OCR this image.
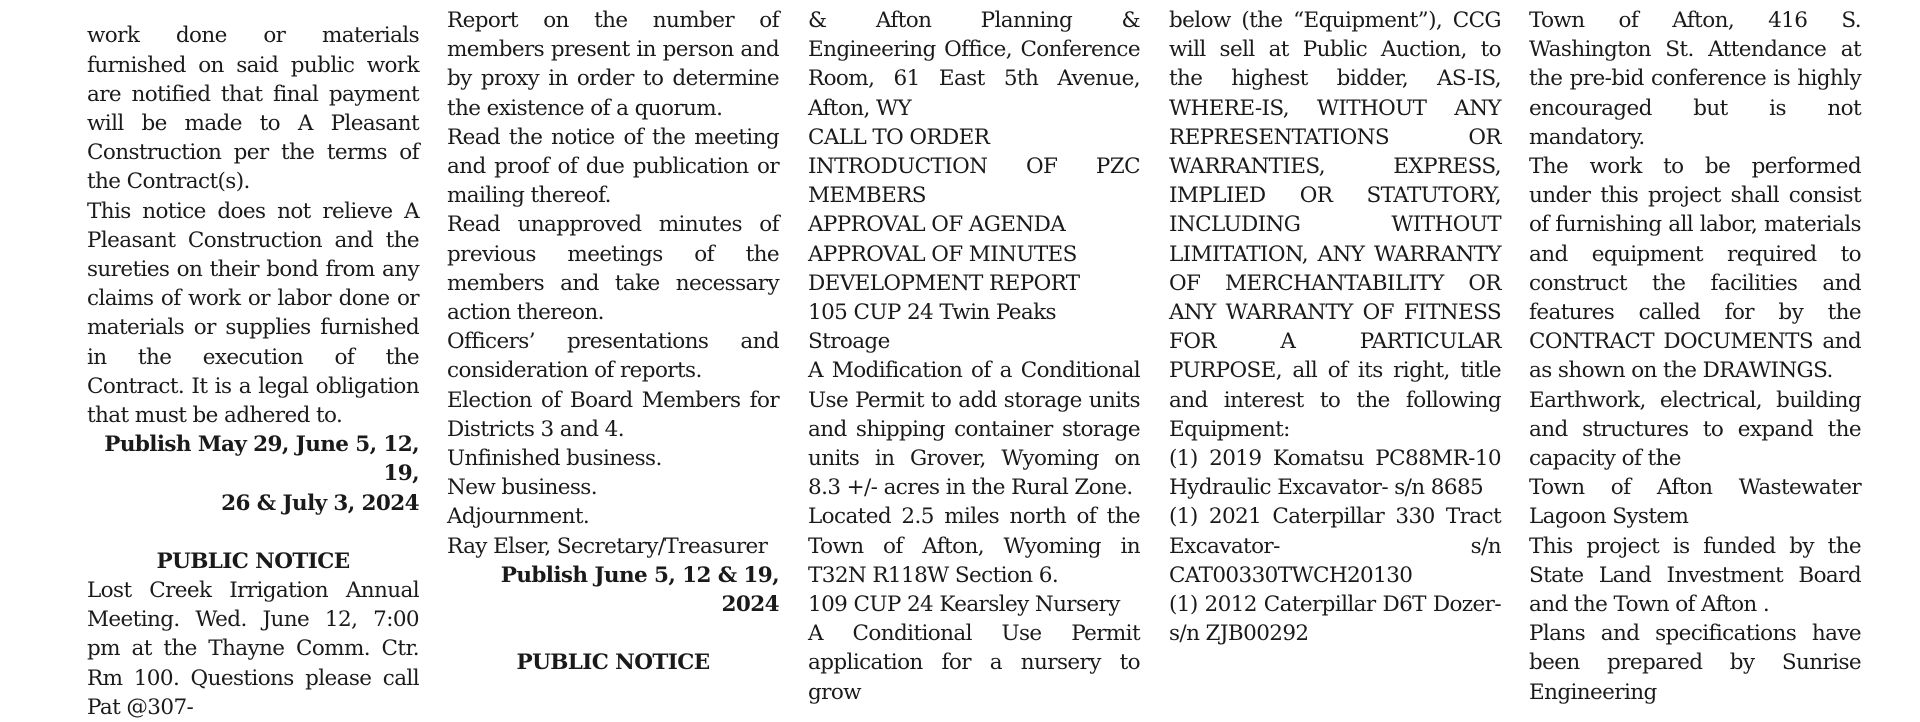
work done or materials furnished on said public work are notified that final payment will be made to A Pleasant Construction per the terms of the Contract(s).

This notice does not relieve A Pleasant Construction and the sureties on their bond from any claims of work or labor done or materials or supplies furnished in the execution of the Contract. It is a legal obligation that must be adhered to.

Publish May 29, June 5, 12, 19,

26 & July 3, 2024

PUBLIC NOTICE

Lost Creek Irrigation Annual Meeting. Wed. June 12, 7:00 pm at the Thayne Comm. Ctr. Rm 100. Questions please call Pat @307-

Report on the number of members present in person and by proxy in order to determine the existence of a quorum.

Read the notice of the meeting and proof of due publication or mailing thereof.

Read unapproved minutes of previous meetings of the members and take necessary action thereon.

Officers’ presentations and consideration of reports.

Election of Board Members for Districts 3 and 4.

Unfinished business.

New business.

Adjournment.

Ray Elser, Secretary/Treasurer

Publish June 5, 12 & 19, 2024

PUBLIC NOTICE

& Afton Planning & Engineering Office, Conference Room, 61 East 5th Avenue, Afton, WY

CALL TO ORDER

INTRODUCTION OF PZC MEMBERS

APPROVAL OF AGENDA

APPROVAL OF MINUTES

DEVELOPMENT REPORT

105 CUP 24 Twin Peaks Stroage

A Modification of a Conditional Use Permit to add storage units and shipping container storage units in Grover, Wyoming on 8.3 +/- acres in the Rural Zone.

Located 2.5 miles north of the Town of Afton, Wyoming in T32N R118W Section 6.

109 CUP 24 Kearsley Nursery

A Conditional Use Permit application for a nursery to grow

below (the “Equipment”), CCG will sell at Public Auction, to the highest bidder, AS-IS, WHERE-IS, WITHOUT ANY REPRESENTATIONS OR WARRANTIES, EXPRESS, IMPLIED OR STATUTORY, INCLUDING WITHOUT LIMITATION, ANY WARRANTY OF MERCHANTABILITY OR ANY WARRANTY OF FITNESS FOR A PARTICULAR PURPOSE, all of its right, title and interest to the following Equipment:

(1) 2019 Komatsu PC88MR-10 Hydraulic Excavator- s/n 8685

(1) 2021 Caterpillar 330 Tract Excavator- s/n CAT00330TWCH20130

(1) 2012 Caterpillar D6T Dozer- s/n ZJB00292

Town of Afton, 416 S. Washington St. Attendance at the pre-bid conference is highly encouraged but is not mandatory.

The work to be performed under this project shall consist of furnishing all labor, materials and equipment required to construct the facilities and features called for by the CONTRACT DOCUMENTS and as shown on the DRAWINGS.

Earthwork, electrical, building and structures to expand the capacity of the

Town of Afton Wastewater Lagoon System

This project is funded by the State Land Investment Board and the Town of Afton .

Plans and specifications have been prepared by Sunrise Engineering
